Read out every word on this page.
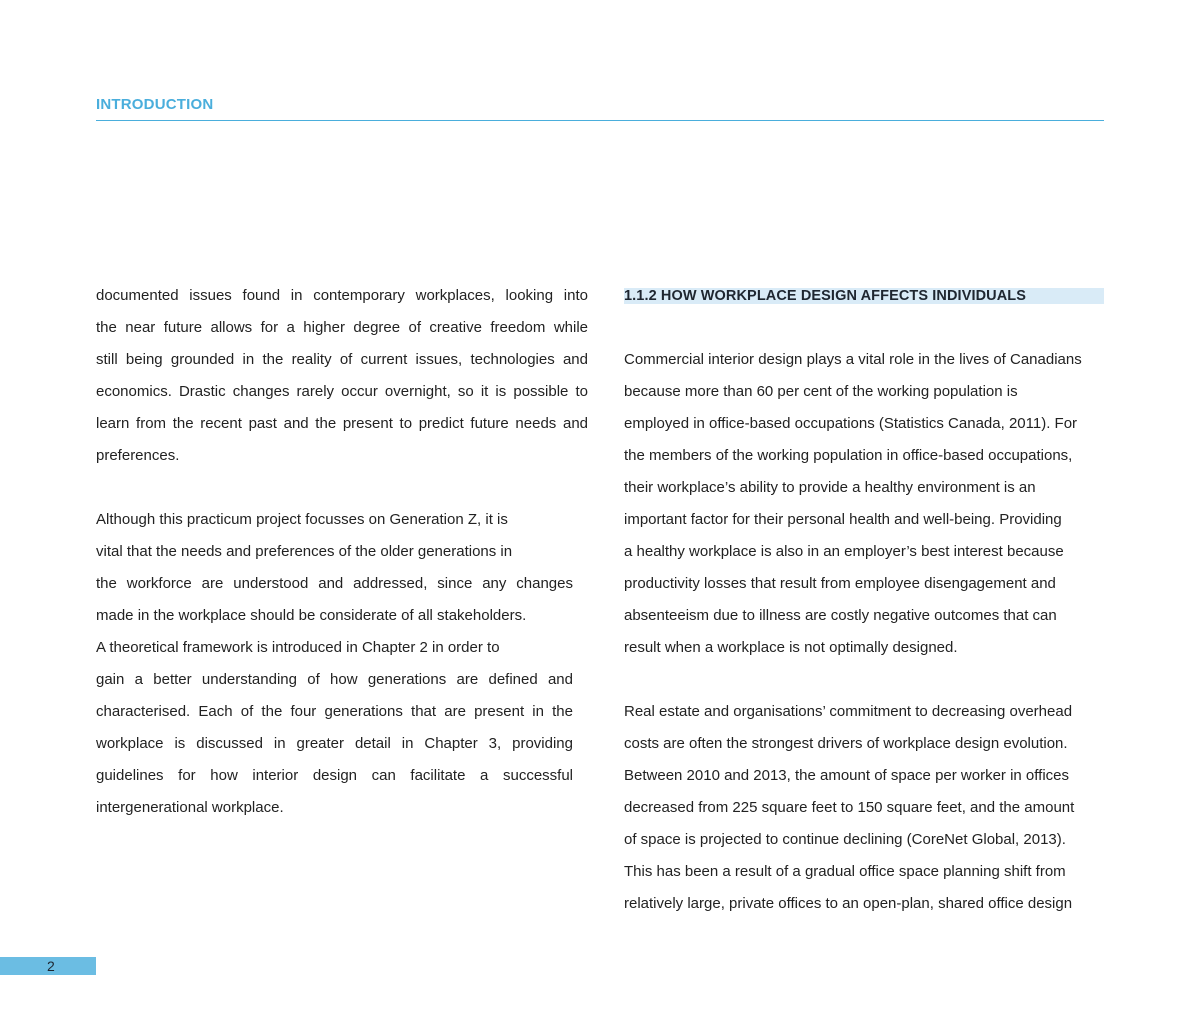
INTRODUCTION
documented issues found in contemporary workplaces, looking into
the near future allows for a higher degree of creative freedom while
still being grounded in the reality of current issues, technologies and
economics. Drastic changes rarely occur overnight, so it is possible to
learn from the recent past and the present to predict future needs and
preferences.
Although this practicum project focusses on Generation Z, it is
vital that the needs and preferences of the older generations in
the workforce are understood and addressed, since any changes
made in the workplace should be considerate of all stakeholders.
A theoretical framework is introduced in Chapter 2 in order to
gain a better understanding of how generations are defined and
characterised. Each of the four generations that are present in the
workplace is discussed in greater detail in Chapter 3, providing
guidelines for how interior design can facilitate a successful
intergenerational workplace.
1.1.2 HOW WORKPLACE DESIGN AFFECTS INDIVIDUALS
Commercial interior design plays a vital role in the lives of Canadians
because more than 60 per cent of the working population is
employed in office-based occupations (Statistics Canada, 2011). For
the members of the working population in office-based occupations,
their workplace’s ability to provide a healthy environment is an
important factor for their personal health and well-being. Providing
a healthy workplace is also in an employer’s best interest because
productivity losses that result from employee disengagement and
absenteeism due to illness are costly negative outcomes that can
result when a workplace is not optimally designed.
Real estate and organisations’ commitment to decreasing overhead
costs are often the strongest drivers of workplace design evolution.
Between 2010 and 2013, the amount of space per worker in offices
decreased from 225 square feet to 150 square feet, and the amount
of space is projected to continue declining (CoreNet Global, 2013).
This has been a result of a gradual office space planning shift from
relatively large, private offices to an open-plan, shared office design
2
